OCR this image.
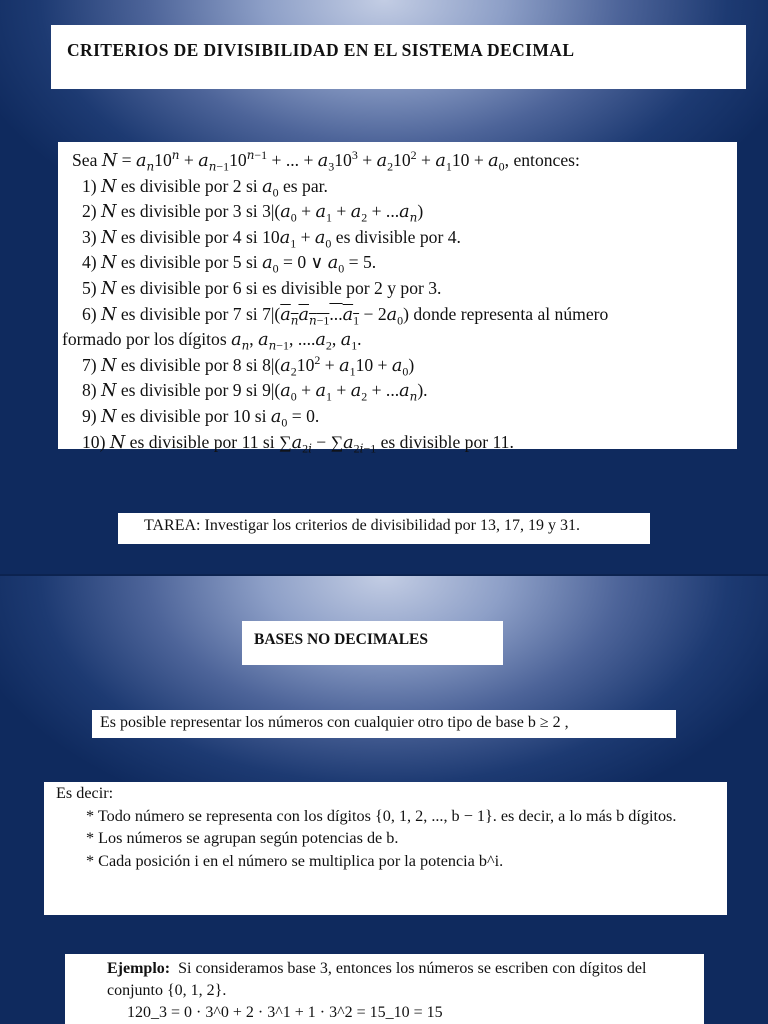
CRITERIOS DE DIVISIBILIDAD EN EL SISTEMA DECIMAL
Sea $N = a_n10^n + a_{n-1}10^{n-1}$ + ... + $a_310^3 + a_210^2 + a_110 + a_0$, entonces:
1) N es divisible por 2 si $a_0$ es par.
2) N es divisible por 3 si $3|(a_0 + a_1 + a_2 + ...a_n)$
3) N es divisible por 4 si $10a_1 + a_0$ es divisible por 4.
4) N es divisible por 5 si $a_0 = 0$ ∨ $a_0 = 5$.
5) N es divisible por 6 si es divisible por 2 y por 3.
6) N es divisible por 7 si $7|(a_na_{n-1}...a_1 - 2a_0)$ donde representa al número
formado por los dígitos $a_n$, $a_{n-1}$, $....a_2$, $a_1$.
7) N es divisible por 8 si $8|(a_210^2 + a_110 + a_0)$
8) N es divisible por 9 si $9|(a_0 + a_1 + a_2 + ...a_n)$.
9) N es divisible por 10 si $a_0 = 0$.
10) N es divisible por 11 si $\sum a_{2i} - \sum a_{2i-1}$ es divisible por 11.
TAREA: Investigar los criterios de divisibilidad por 13, 17, 19 y 31.
BASES NO DECIMALES
Es posible representar los números con cualquier otro tipo de base b ≥ 2 ,
Es decir:
* Todo número se representa con los dígitos {0, 1, 2, ..., b − 1}. es decir, a lo más b dígitos.
* Los números se agrupan según potencias de b.
* Cada posición i en el número se multiplica por la potencia b^i.
Ejemplo: Si consideramos base 3, entonces los números se escriben con dígitos del conjunto {0, 1, 2}.
120_3 = 0 · 3^0 + 2 · 3^1 + 1 · 3^2 = 15_10 = 15
